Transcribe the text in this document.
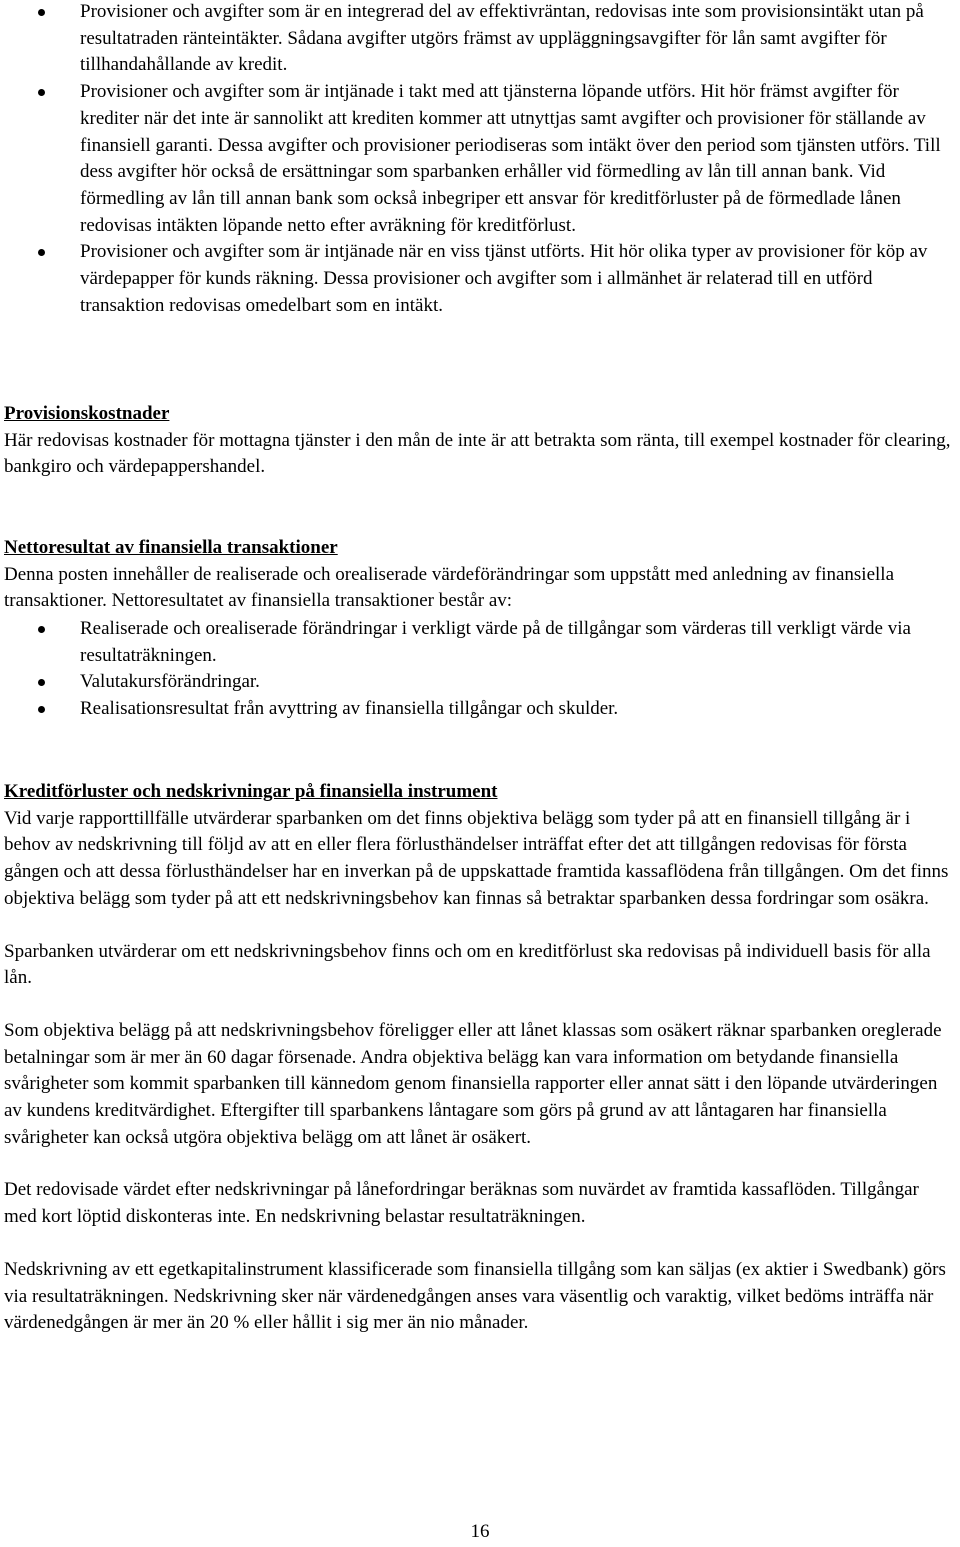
Provisioner och avgifter som är en integrerad del av effektivräntan, redovisas inte som provisionsintäkt utan på resultatraden ränteintäkter. Sådana avgifter utgörs främst av uppläggningsavgifter för lån samt avgifter för tillhandahållande av kredit.
Provisioner och avgifter som är intjänade i takt med att tjänsterna löpande utförs. Hit hör främst avgifter för krediter när det inte är sannolikt att krediten kommer att utnyttjas samt avgifter och provisioner för ställande av finansiell garanti. Dessa avgifter och provisioner periodiseras som intäkt över den period som tjänsten utförs. Till dess avgifter hör också de ersättningar som sparbanken erhåller vid förmedling av lån till annan bank. Vid förmedling av lån till annan bank som också inbegriper ett ansvar för kreditförluster på de förmedlade lånen redovisas intäkten löpande netto efter avräkning för kreditförlust.
Provisioner och avgifter som är intjänade när en viss tjänst utförts. Hit hör olika typer av provisioner för köp av värdepapper för kunds räkning. Dessa provisioner och avgifter som i allmänhet är relaterad till en utförd transaktion redovisas omedelbart som en intäkt.
Provisionskostnader

Här redovisas kostnader för mottagna tjänster i den mån de inte är att betrakta som ränta, till exempel kostnader för clearing, bankgiro och värdepappershandel.

Nettoresultat av finansiella transaktioner

Denna posten innehåller de realiserade och orealiserade värdeförändringar som uppstått med anledning av finansiella transaktioner. Nettoresultatet av finansiella transaktioner består av:

Realiserade och orealiserade förändringar i verkligt värde på de tillgångar som värderas till verkligt värde via resultaträkningen.
Valutakursförändringar.
Realisationsresultat från avyttring av finansiella tillgångar och skulder.
Kreditförluster och nedskrivningar på finansiella instrument

Vid varje rapporttillfälle utvärderar sparbanken om det finns objektiva belägg som tyder på att en finansiell tillgång är i behov av nedskrivning till följd av att en eller flera förlusthändelser inträffat efter det att tillgången redovisas för första gången och att dessa förlusthändelser har en inverkan på de uppskattade framtida kassaflödena från tillgången. Om det finns objektiva belägg som tyder på att ett nedskrivningsbehov kan finnas så betraktar sparbanken dessa fordringar som osäkra.

Sparbanken utvärderar om ett nedskrivningsbehov finns och om en kreditförlust ska redovisas på individuell basis för alla lån.

Som objektiva belägg på att nedskrivningsbehov föreligger eller att lånet klassas som osäkert räknar sparbanken oreglerade betalningar som är mer än 60 dagar försenade. Andra objektiva belägg kan vara information om betydande finansiella svårigheter som kommit sparbanken till kännedom genom finansiella rapporter eller annat sätt i den löpande utvärderingen av kundens kreditvärdighet. Eftergifter till sparbankens låntagare som görs på grund av att låntagaren har finansiella svårigheter kan också utgöra objektiva belägg om att lånet är osäkert.

Det redovisade värdet efter nedskrivningar på lånefordringar beräknas som nuvärdet av framtida kassaflöden. Tillgångar med kort löptid diskonteras inte. En nedskrivning belastar resultaträkningen.

Nedskrivning av ett egetkapitalinstrument klassificerade som finansiella tillgång som kan säljas (ex aktier i Swedbank) görs via resultaträkningen. Nedskrivning sker när värdenedgången anses vara väsentlig och varaktig, vilket bedöms inträffa när värdenedgången är mer än 20 % eller hållit i sig mer än nio månader.

16
